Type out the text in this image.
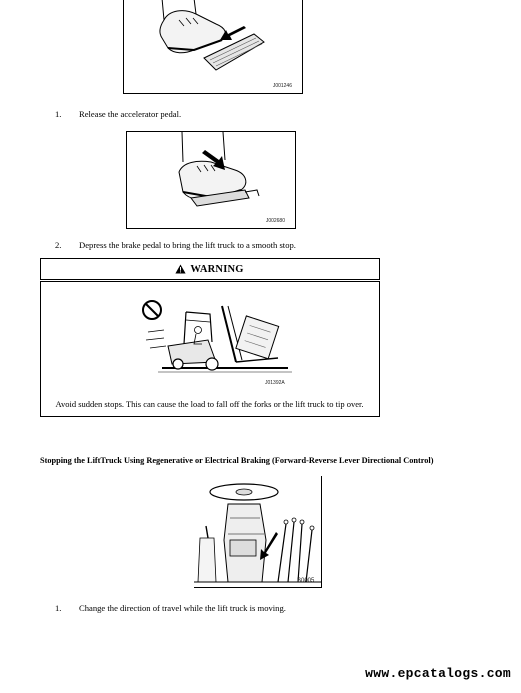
J001246
1. Release the accelerator pedal.
J002680
2. Depress the brake pedal to bring the lift truck to a smooth stop.
WARNING
J01392A
Avoid sudden stops. This can cause the load to fall off the forks or the lift truck to tip over.
Stopping the LiftTruck Using Regenerative or Electrical Braking (Forward-Reverse Lever Directional Control)
B0005
1. Change the direction of travel while the lift truck is moving.
www.epcatalogs.com
